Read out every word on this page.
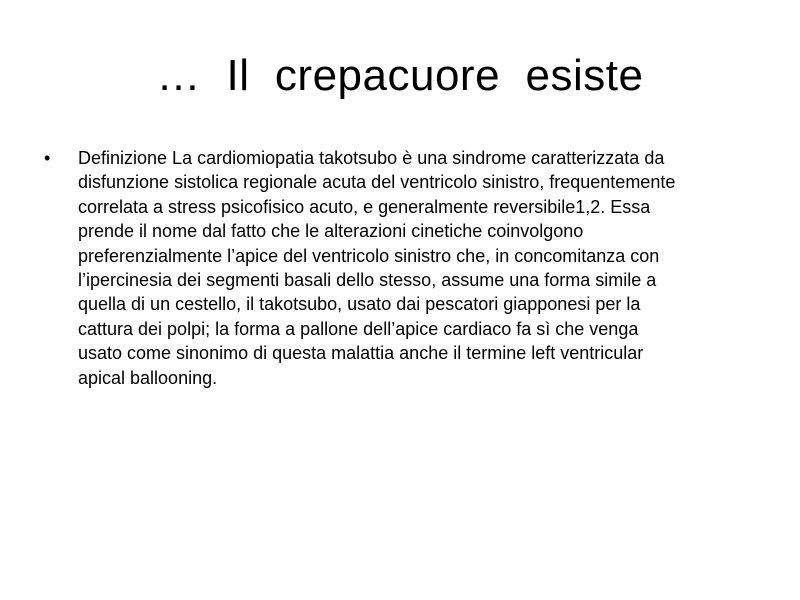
…  Il  crepacuore  esiste
• Definizione La cardiomiopatia takotsubo è una sindrome caratterizzata da
disfunzione sistolica regionale acuta del ventricolo sinistro, frequentemente
correlata a stress psicofisico acuto, e generalmente reversibile1,2. Essa
prende il nome dal fatto che le alterazioni cinetiche coinvolgono
preferenzialmente l’apice del ventricolo sinistro che, in concomitanza con
l’ipercinesia dei segmenti basali dello stesso, assume una forma simile a
quella di un cestello, il takotsubo, usato dai pescatori giapponesi per la
cattura dei polpi; la forma a pallone dell’apice cardiaco fa sì che venga
usato come sinonimo di questa malattia anche il termine left ventricular
apical ballooning.
